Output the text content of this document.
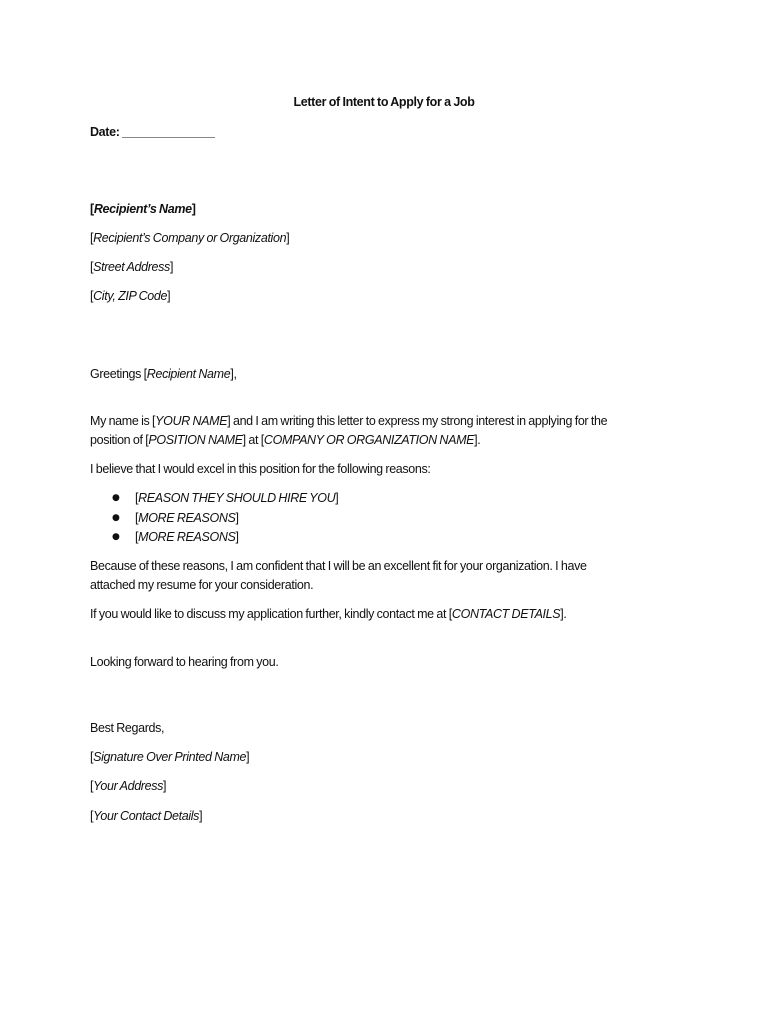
Letter of Intent to Apply for a Job
Date: ______________
[Recipient’s Name]
[Recipient’s Company or Organization]
[Street Address]
[City, ZIP Code]
Greetings [Recipient Name],
My name is [YOUR NAME] and I am writing this letter to express my strong interest in applying for the
position of [POSITION NAME] at [COMPANY OR ORGANIZATION NAME].
I believe that I would excel in this position for the following reasons:
● [REASON THEY SHOULD HIRE YOU]
● [MORE REASONS]
● [MORE REASONS]
Because of these reasons, I am confident that I will be an excellent fit for your organization. I have
attached my resume for your consideration.
If you would like to discuss my application further, kindly contact me at [CONTACT DETAILS].
Looking forward to hearing from you.
Best Regards,
[Signature Over Printed Name]
[Your Address]
[Your Contact Details]
